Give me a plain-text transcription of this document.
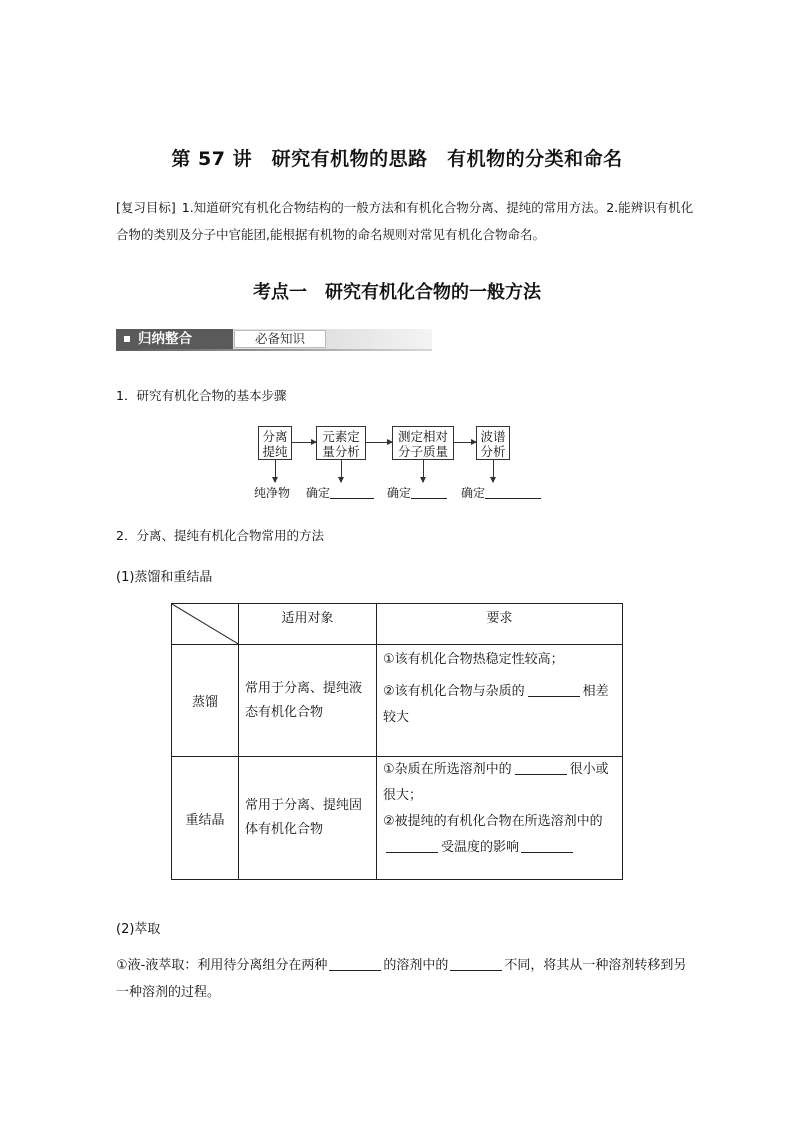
第 57 讲　研究有机物的思路　有机物的分类和命名
[复习目标] 1.知道研究有机化合物结构的一般方法和有机化合物分离、提纯的常用方法。2.能辨识有机化合物的类别及分子中官能团,能根据有机物的命名规则对常见有机化合物命名。
考点一　研究有机化合物的一般方法
归纳整合	必备知识
1．研究有机化合物的基本步骤
分离
提纯
元素定
量分析
测定相对
分子质量
波谱
分析
纯净物 确定	确定	确定
2．分离、提纯有机化合物常用的方法
(1)蒸馏和重结晶
	适用对象	要求
蒸馏	常用于分离、提纯液态有机化合物	①该有机化合物热稳定性较高；

②该有机化合物与杂质的 相差较大

重结晶	常用于分离、提纯固体有机化合物	①杂质在所选溶剂中的 很小或很大；

②被提纯的有机化合物在所选溶剂中的受温度的影响

(2)萃取
①液-液萃取：利用待分离组分在两种	的溶剂中的	不同，将其从一种溶剂转移到另一种溶剂的过程。
